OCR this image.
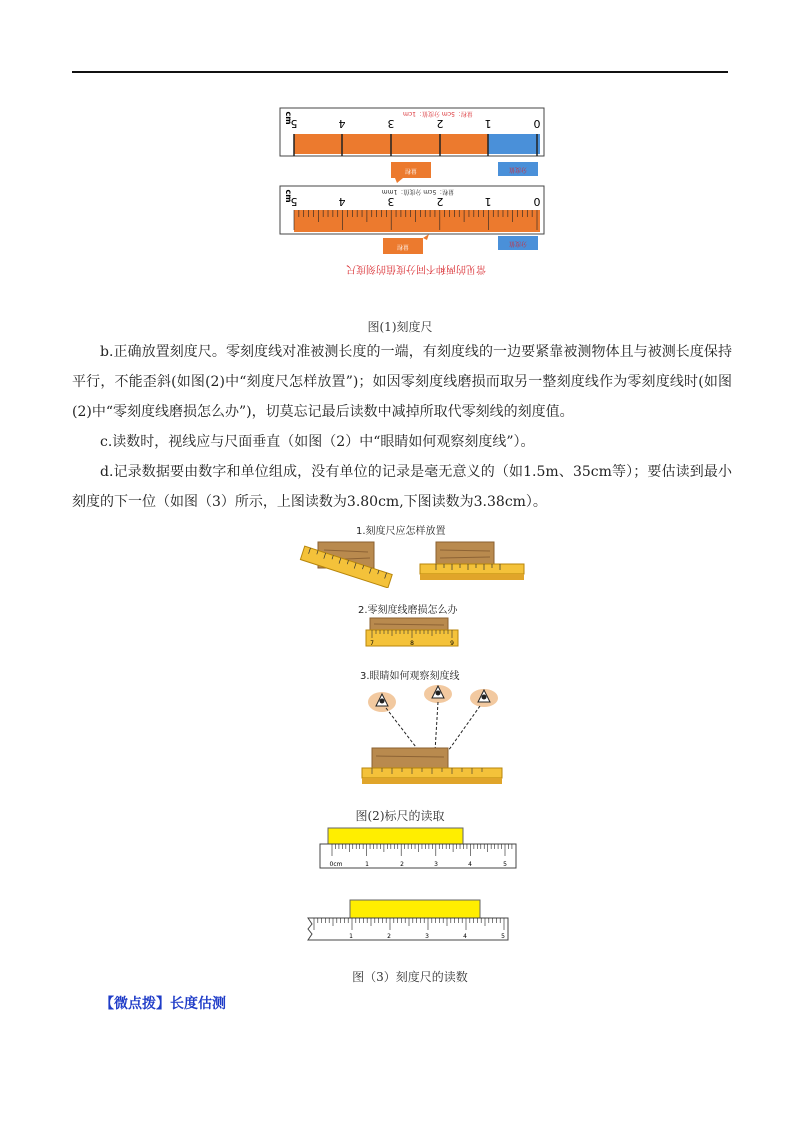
0
1
2
3
4
5
cm	量程：5cm 分度值：1cm
量程	分度值
0
1
2
3
4
5
cm	量程：5cm 分度值：1mm
量程	分度值
常见的两种不同分度值的刻度尺
图(1)刻度尺

b.正确放置刻度尺。零刻度线对准被测长度的一端，有刻度线的一边要紧靠被测物体且与被测长度保持平行，不能歪斜(如图(2)中“刻度尺怎样放置”)；如因零刻度线磨损而取另一整刻度线作为零刻度线时(如图(2)中“零刻度线磨损怎么办”)，切莫忘记最后读数中减掉所取代零刻线的刻度值。

c.读数时，视线应与尺面垂直（如图（2）中“眼睛如何观察刻度线”）。

d.记录数据要由数字和单位组成，没有单位的记录是毫无意义的（如1.5m、35cm等）；要估读到最小刻度的下一位（如图（3）所示，上图读数为3.80cm,下图读数为3.38cm）。

1.刻度尺应怎样放置
2.零刻度线磨损怎么办
7	8	9
3.眼睛如何观察刻度线
图(2)标尺的读取
0cm	1	2	3	4	5
1	2	3	4	5
图（3）刻度尺的读数
【微点拨】长度估测
